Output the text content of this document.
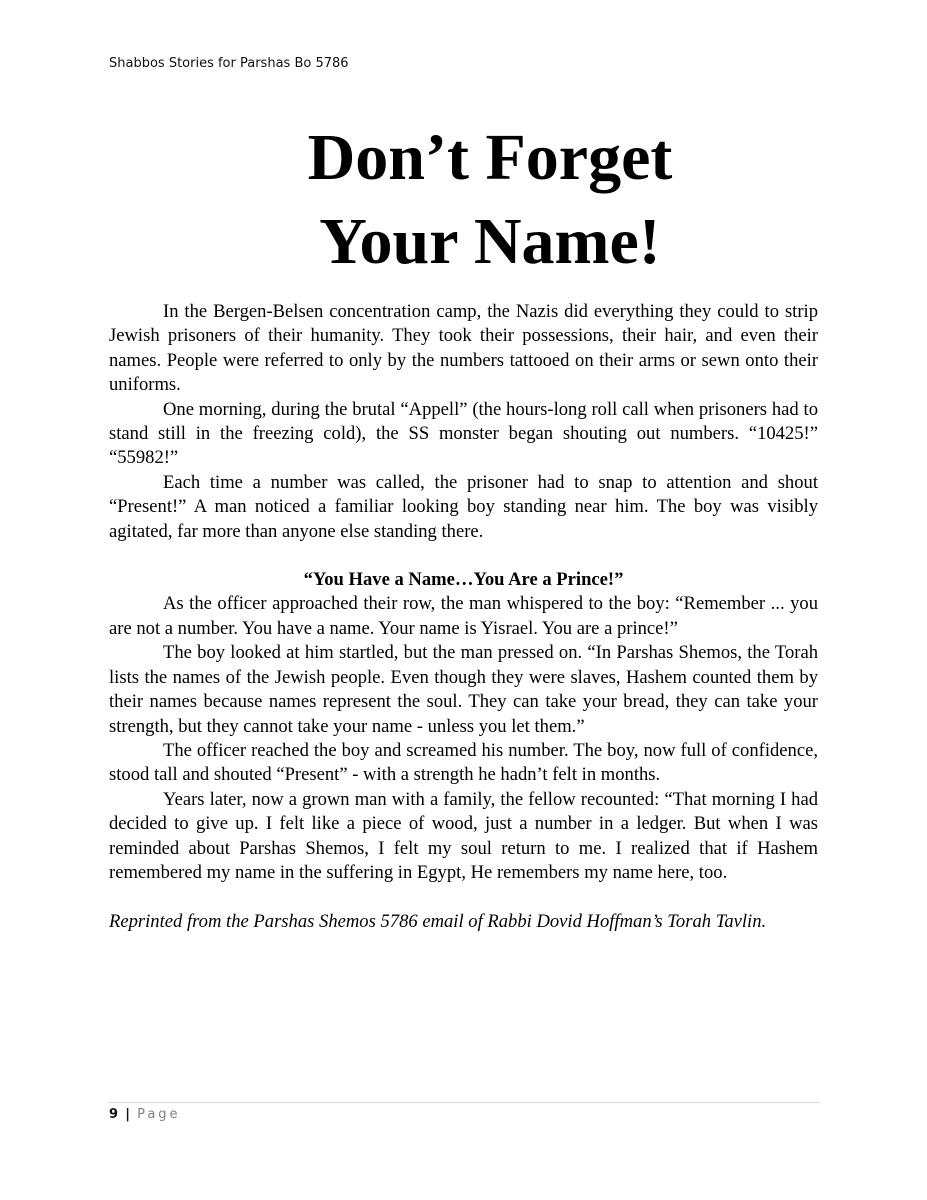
Shabbos Stories for Parshas Bo 5786
Don’t Forget
Your Name!

In the Bergen-Belsen concentration camp, the Nazis did everything they could to strip Jewish prisoners of their humanity. They took their possessions, their hair, and even their names. People were referred to only by the numbers tattooed on their arms or sewn onto their uniforms.

One morning, during the brutal “Appell” (the hours-long roll call when prisoners had to stand still in the freezing cold), the SS monster began shouting out numbers. “10425!” “55982!”

Each time a number was called, the prisoner had to snap to attention and shout “Present!” A man noticed a familiar looking boy standing near him. The boy was visibly agitated, far more than anyone else standing there.

“You Have a Name…You Are a Prince!”

As the officer approached their row, the man whispered to the boy: “Remember ... you are not a number. You have a name. Your name is Yisrael. You are a prince!”

The boy looked at him startled, but the man pressed on. “In Parshas Shemos, the Torah lists the names of the Jewish people. Even though they were slaves, Hashem counted them by their names because names represent the soul. They can take your bread, they can take your strength, but they cannot take your name - unless you let them.”

The officer reached the boy and screamed his number. The boy, now full of confidence, stood tall and shouted “Present” - with a strength he hadn’t felt in months.

Years later, now a grown man with a family, the fellow recounted: “That morning I had decided to give up. I felt like a piece of wood, just a number in a ledger. But when I was reminded about Parshas Shemos, I felt my soul return to me. I realized that if Hashem remembered my name in the suffering in Egypt, He remembers my name here, too.

Reprinted from the Parshas Shemos 5786 email of Rabbi Dovid Hoffman’s Torah Tavlin.
9 | Page
